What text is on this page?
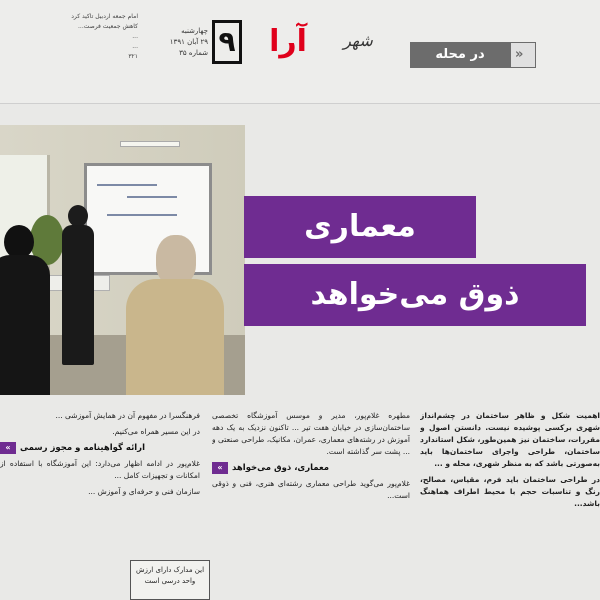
امام جمعه اردبیل تاکید کرد
کاهش جمعیت فرصت...
...
...
۳۲۱
چهارشنبه
۲۹ آبان ۱۳۹۱
شماره ۳۵ ۹	آرا	شهر
در محله	»
معماری
ذوق می‌خواهد

اهمیت شکل و ظاهر ساختمان در چشم‌انداز شهری برکسی پوشیده نیست. دانستن اصول و مقررات، ساختمان نیز همین‌طور، شکل استاندارد ساختمان، طراحی واجرای ساختمان‌ها باید به‌صورتی باشد که به منظر شهری، محله و ...

در طراحی ساختمان باید فرم، مقیاس، مصالح، رنگ و تناسبات حجم با محیط اطراف هماهنگ باشد...

مطهره غلام‌پور، مدیر و موسس آموزشگاه تخصصی ساختمان‌سازی در خیابان هفت تیر ... تاکنون نزدیک به یک دهه آموزش در رشته‌های معماری، عمران، مکانیک، طراحی صنعتی و ... پشت سر گذاشته است.

»	معماری، ذوق می‌خواهد

غلام‌پور می‌گوید طراحی معماری رشته‌ای هنری، فنی و ذوقی است...

فرهنگسرا در مفهوم آن در همایش آموزشی ...

در این مسیر همراه می‌کنیم.

»	ارائه گواهینامه و مجوز رسمی

غلام‌پور در ادامه اظهار می‌دارد: این آموزشگاه با استفاده از امکانات و تجهیزات کامل ...

سازمان فنی و حرفه‌ای و آموزش ...

این مدارک دارای ارزش
واحد درسی است
